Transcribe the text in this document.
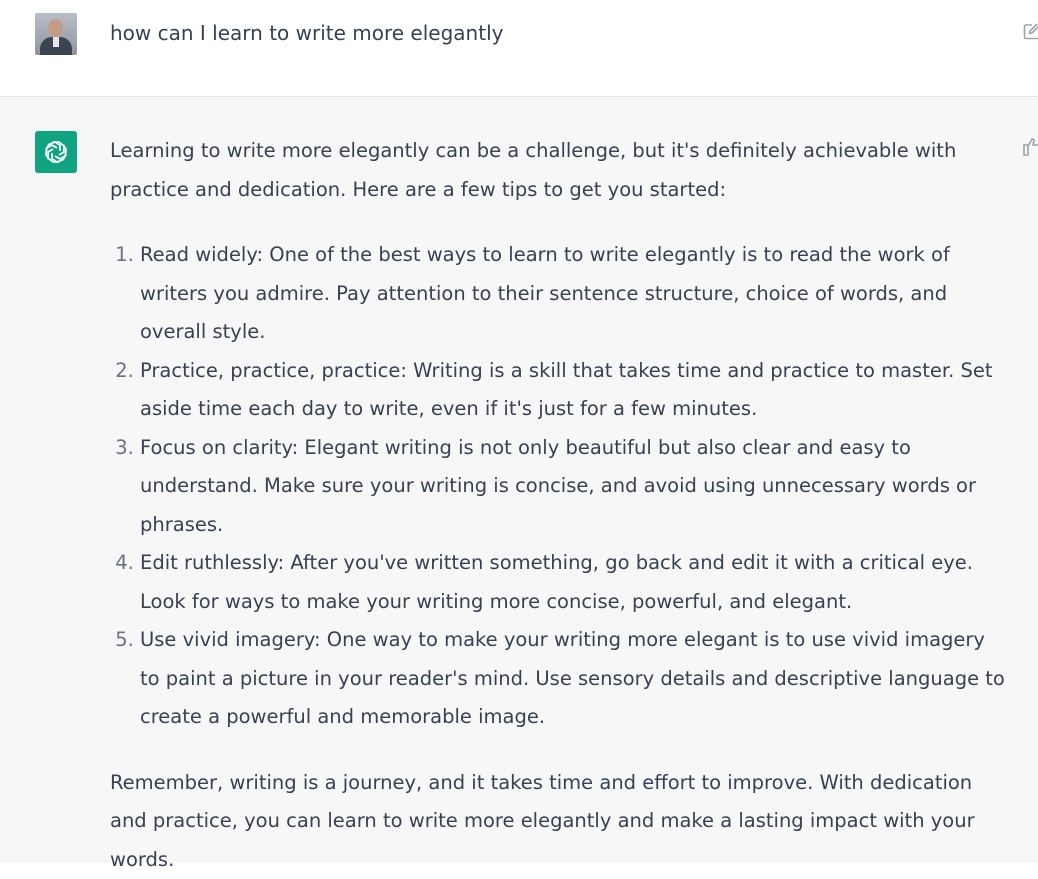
how can I learn to write more elegantly

Learning to write more elegantly can be a challenge, but it's definitely achievable with practice and dedication. Here are a few tips to get you started:

1. Read widely: One of the best ways to learn to write elegantly is to read the work of writers you admire. Pay attention to their sentence structure, choice of words, and overall style.
2. Practice, practice, practice: Writing is a skill that takes time and practice to master. Set aside time each day to write, even if it's just for a few minutes.
3. Focus on clarity: Elegant writing is not only beautiful but also clear and easy to understand. Make sure your writing is concise, and avoid using unnecessary words or phrases.
4. Edit ruthlessly: After you've written something, go back and edit it with a critical eye. Look for ways to make your writing more concise, powerful, and elegant.
5. Use vivid imagery: One way to make your writing more elegant is to use vivid imagery to paint a picture in your reader's mind. Use sensory details and descriptive language to create a powerful and memorable image.

Remember, writing is a journey, and it takes time and effort to improve. With dedication and practice, you can learn to write more elegantly and make a lasting impact with your words.
